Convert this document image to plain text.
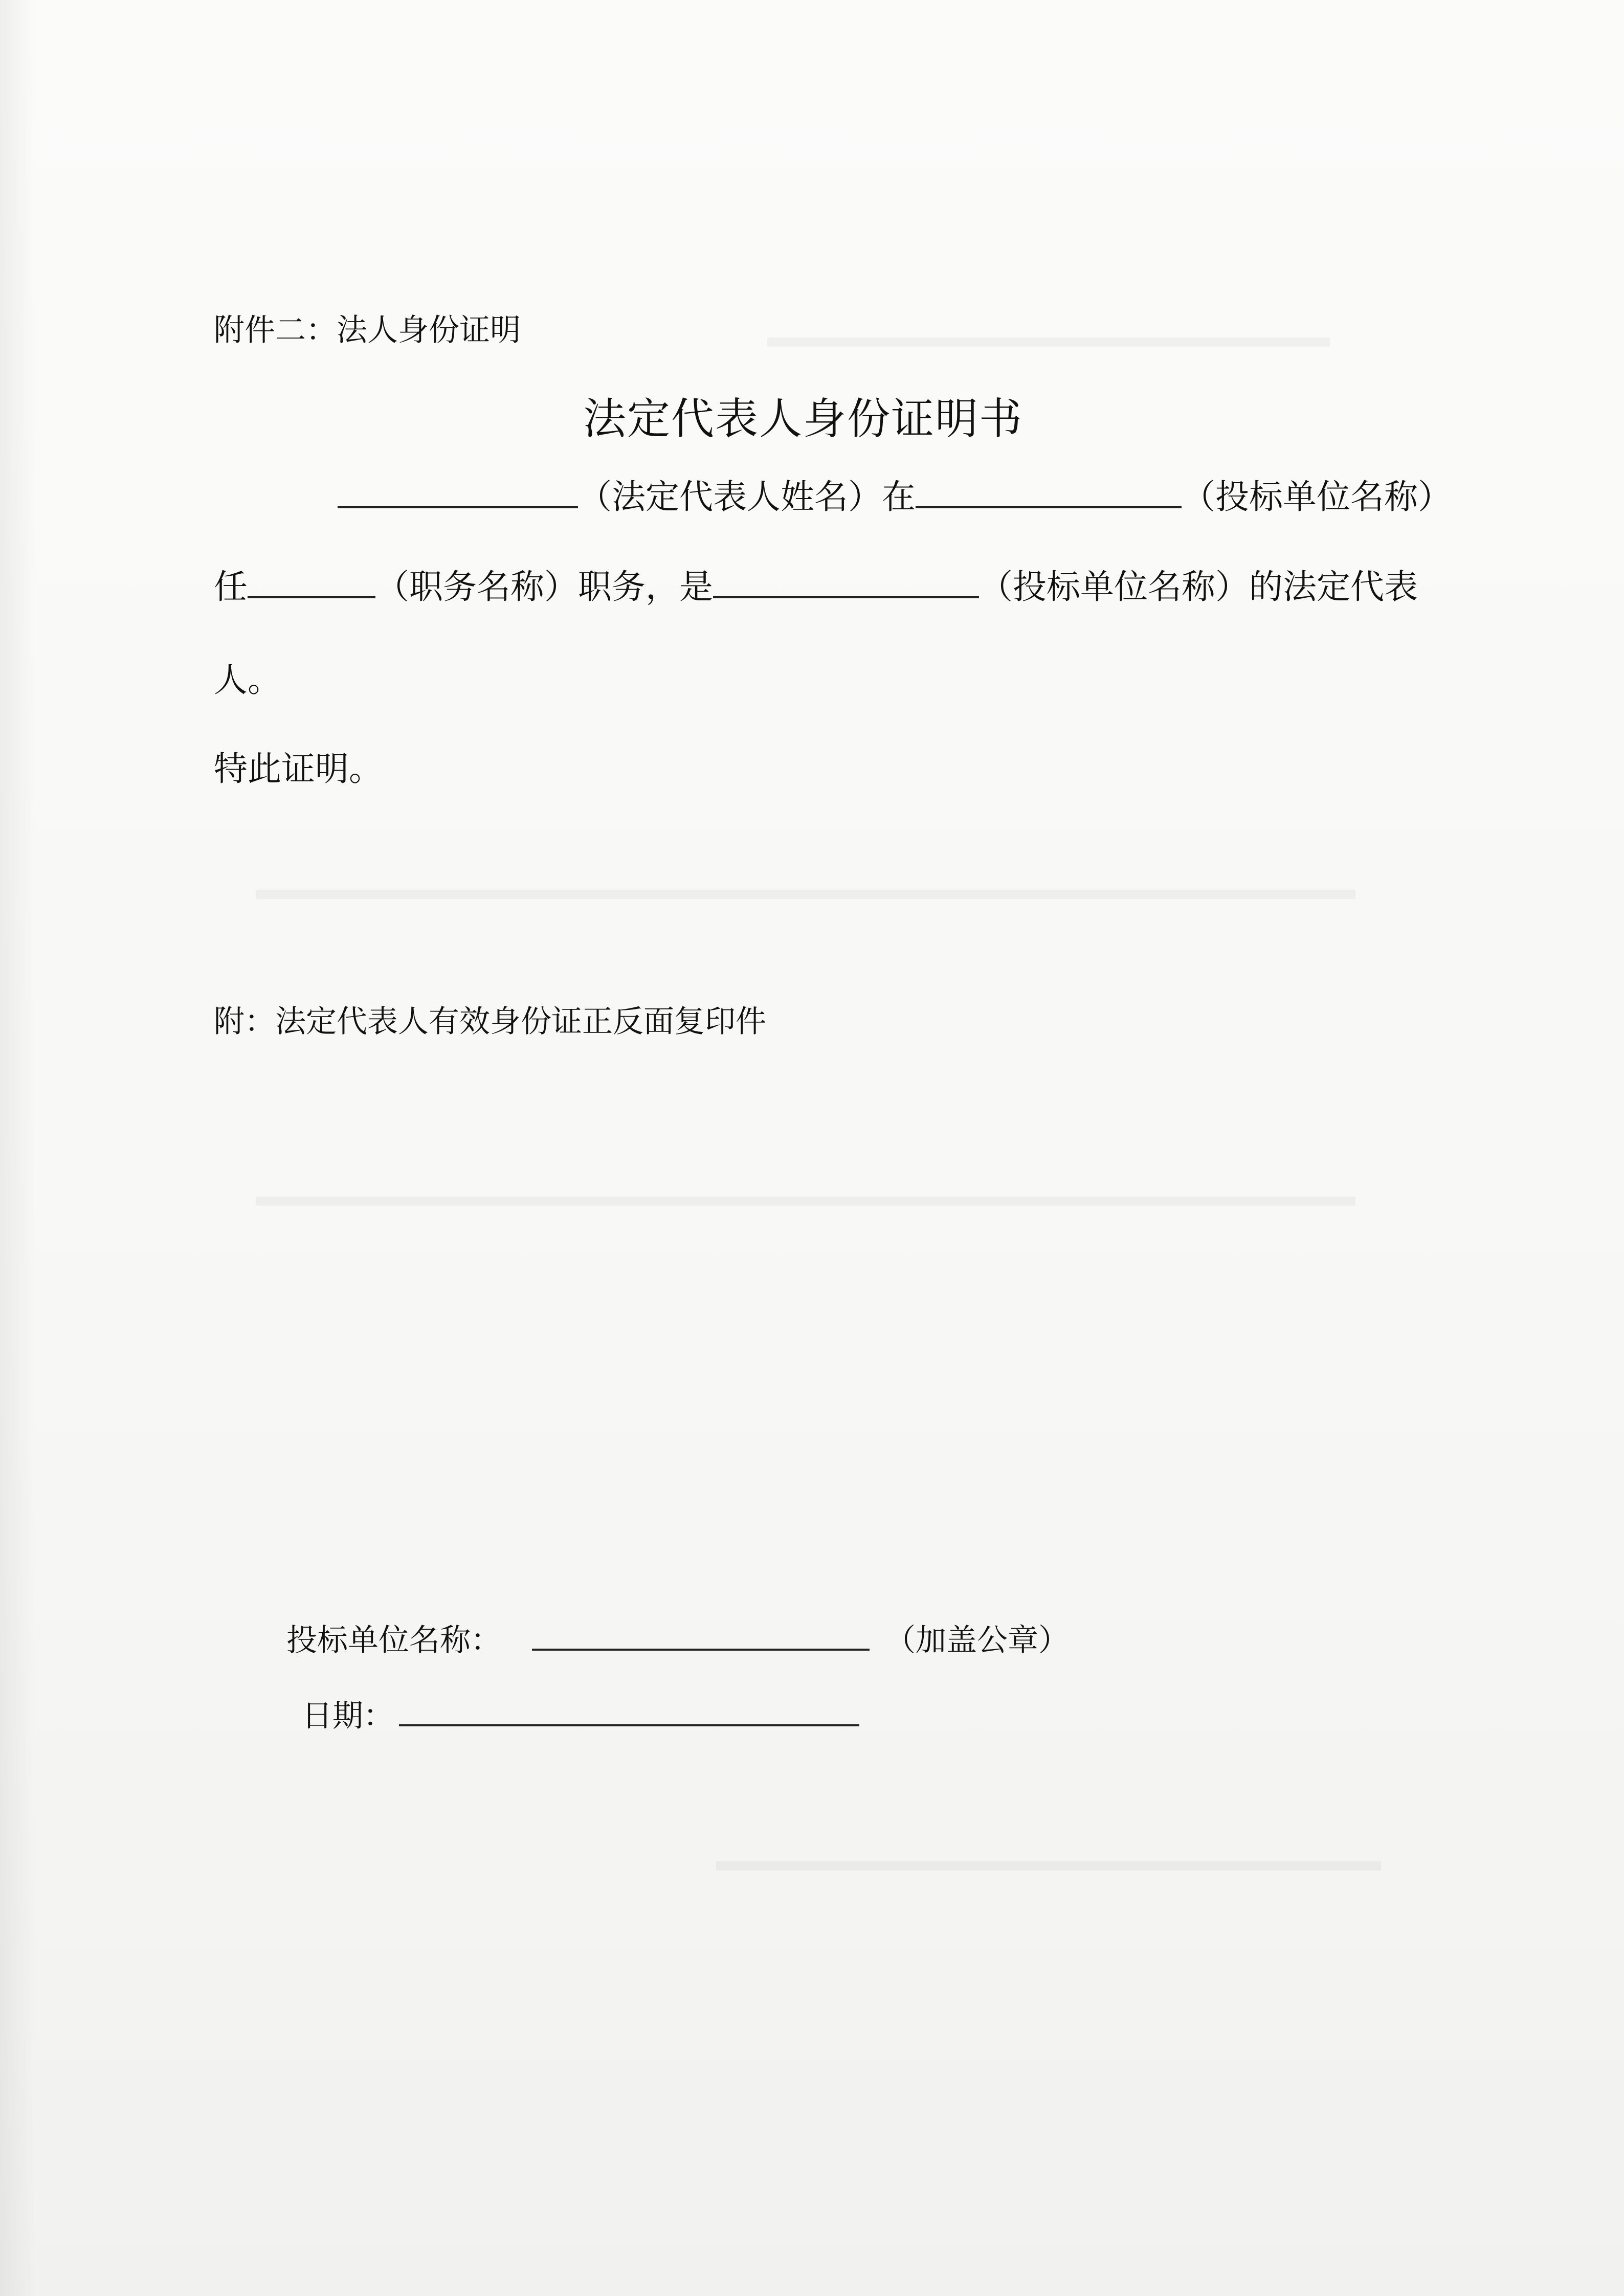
附件二：法人身份证明
法定代表人身份证明书
（法定代表人姓名）在	（投标单位名称）
任	（职务名称）职务，是	（投标单位名称）的法定代表
人。
特此证明。
附：法定代表人有效身份证正反面复印件
投标单位名称：	（加盖公章）
日期：
